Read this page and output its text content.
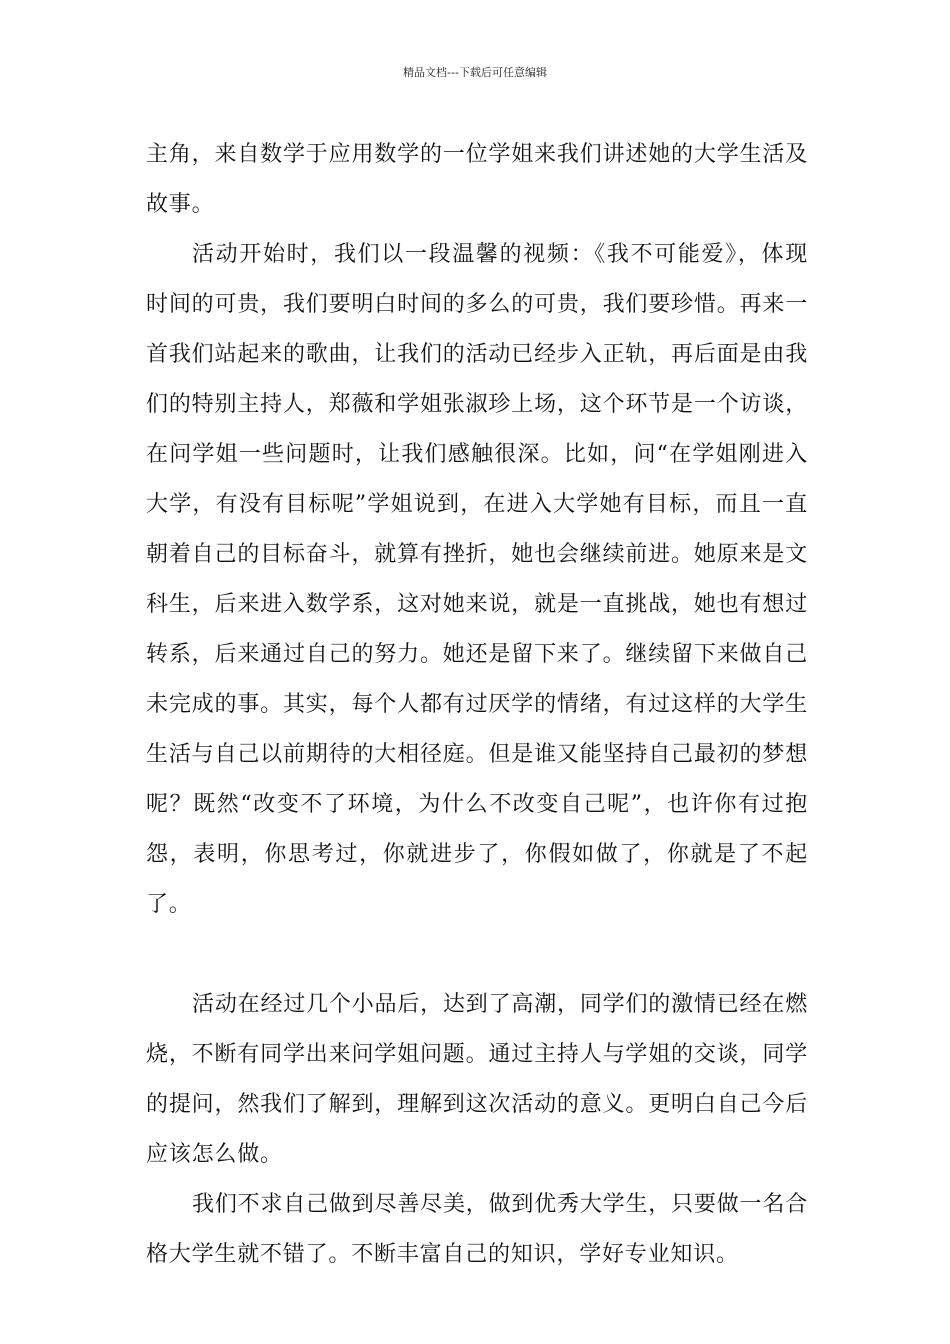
精品文档---下载后可任意编辑

主角，来自数学于应用数学的一位学姐来我们讲述她的大学生活及故事。

活动开始时，我们以一段温馨的视频：《我不可能爱》，体现时间的可贵，我们要明白时间的多么的可贵，我们要珍惜。再来一首我们站起来的歌曲，让我们的活动已经步入正轨，再后面是由我们的特别主持人，郑薇和学姐张淑珍上场，这个环节是一个访谈，在问学姐一些问题时，让我们感触很深。比如，问“在学姐刚进入大学，有没有目标呢”学姐说到，在进入大学她有目标，而且一直朝着自己的目标奋斗，就算有挫折，她也会继续前进。她原来是文科生，后来进入数学系，这对她来说，就是一直挑战，她也有想过转系，后来通过自己的努力。她还是留下来了。继续留下来做自己未完成的事。其实，每个人都有过厌学的情绪，有过这样的大学生生活与自己以前期待的大相径庭。但是谁又能坚持自己最初的梦想呢？既然“改变不了环境，为什么不改变自己呢”，也许你有过抱怨，表明，你思考过，你就进步了，你假如做了，你就是了不起了。

活动在经过几个小品后，达到了高潮，同学们的激情已经在燃烧，不断有同学出来问学姐问题。通过主持人与学姐的交谈，同学的提问，然我们了解到，理解到这次活动的意义。更明白自己今后应该怎么做。

我们不求自己做到尽善尽美，做到优秀大学生，只要做一名合格大学生就不错了。不断丰富自己的知识，学好专业知识。
